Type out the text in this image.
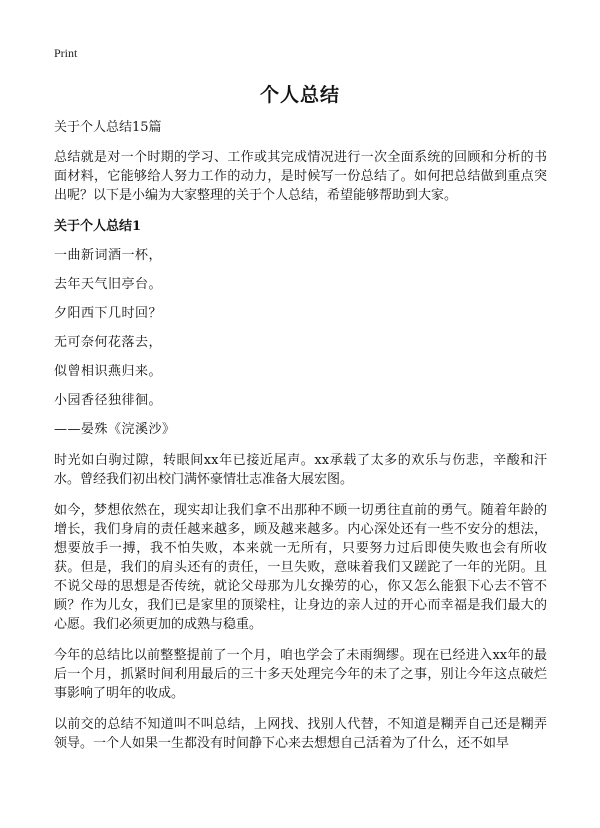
Print
个人总结

关于个人总结15篇

总结就是对一个时期的学习、工作或其完成情况进行一次全面系统的回顾和分析的书面材料，它能够给人努力工作的动力，是时候写一份总结了。如何把总结做到重点突出呢？以下是小编为大家整理的关于个人总结，希望能够帮助到大家。

关于个人总结1

一曲新词酒一杯，

去年天气旧亭台。

夕阳西下几时回？

无可奈何花落去，

似曾相识燕归来。

小园香径独徘徊。

——晏殊《浣溪沙》

时光如白驹过隙，转眼间xx年已接近尾声。xx承载了太多的欢乐与伤悲，辛酸和汗水。曾经我们初出校门满怀豪情壮志准备大展宏图。

如今，梦想依然在，现实却让我们拿不出那种不顾一切勇往直前的勇气。随着年龄的增长，我们身肩的责任越来越多，顾及越来越多。内心深处还有一些不安分的想法，想要放手一搏，我不怕失败，本来就一无所有，只要努力过后即使失败也会有所收获。但是，我们的肩头还有的责任，一旦失败，意味着我们又蹉跎了一年的光阴。且不说父母的思想是否传统，就论父母那为儿女操劳的心，你又怎么能狠下心去不管不顾？作为儿女，我们已是家里的顶梁柱，让身边的亲人过的开心而幸福是我们最大的心愿。我们必须更加的成熟与稳重。

今年的总结比以前整整提前了一个月，咱也学会了未雨绸缪。现在已经进入xx年的最后一个月，抓紧时间利用最后的三十多天处理完今年的未了之事，别让今年这点破烂事影响了明年的收成。

以前交的总结不知道叫不叫总结，上网找、找别人代替，不知道是糊弄自己还是糊弄领导。一个人如果一生都没有时间静下心来去想想自己活着为了什么，还不如早
